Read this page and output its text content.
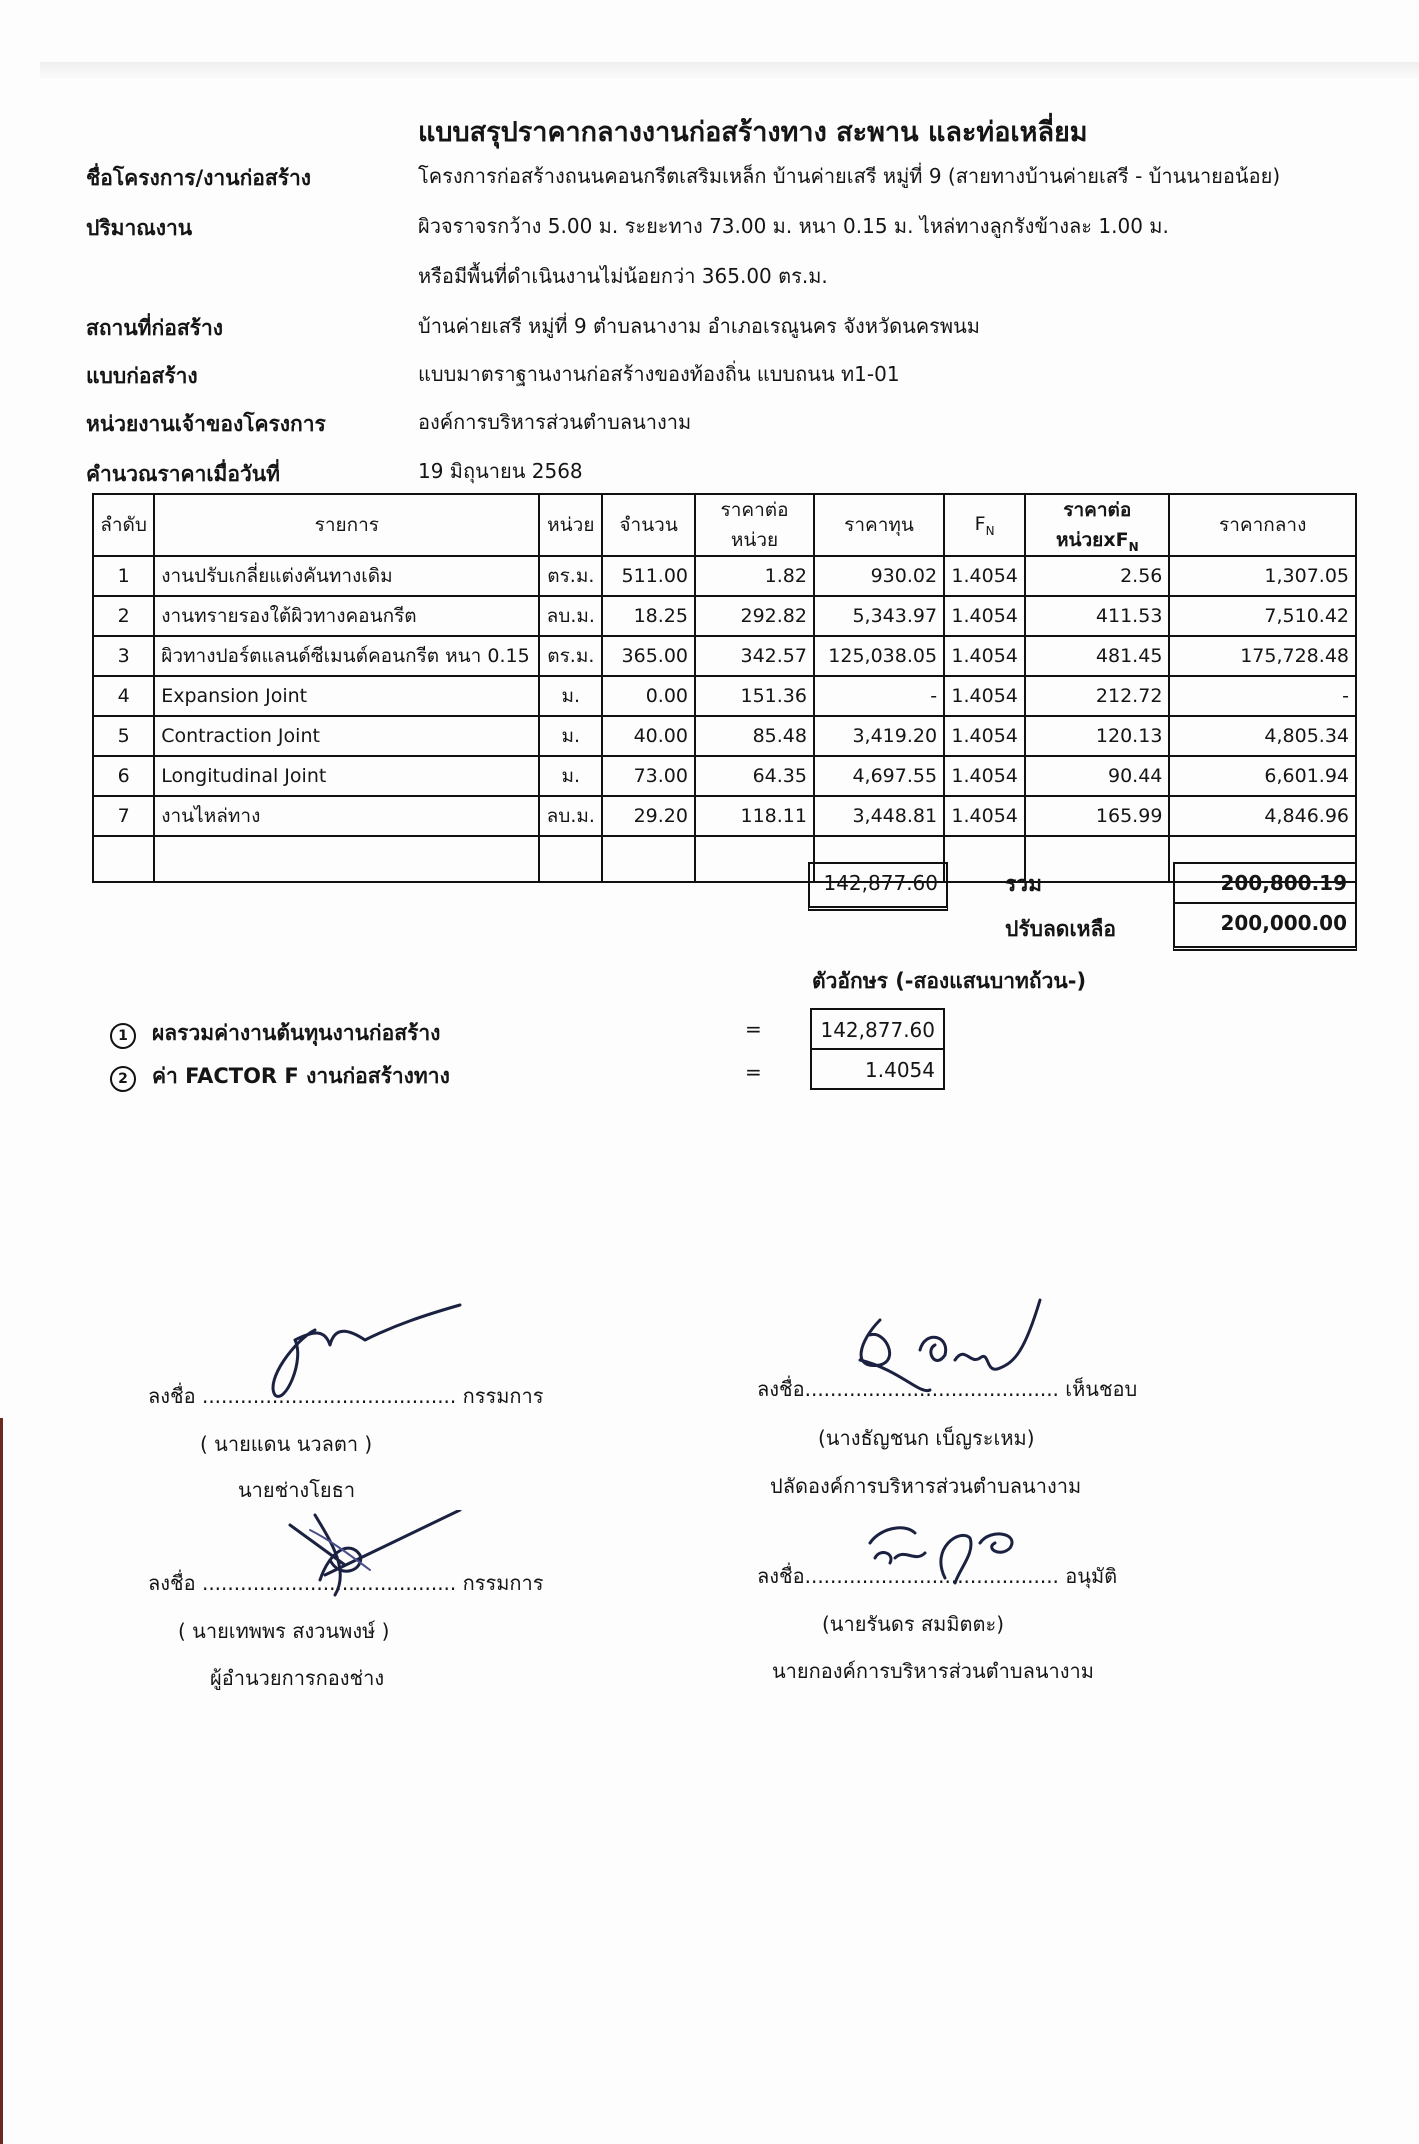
แบบสรุปราคากลางงานก่อสร้างทาง สะพาน และท่อเหลี่ยม
ชื่อโครงการ/งานก่อสร้าง	โครงการก่อสร้างถนนคอนกรีตเสริมเหล็ก บ้านค่ายเสรี หมู่ที่ 9 (สายทางบ้านค่ายเสรี - บ้านนายอน้อย)
ปริมาณงาน	ผิวจราจรกว้าง 5.00 ม. ระยะทาง 73.00 ม. หนา 0.15 ม. ไหล่ทางลูกรังข้างละ 1.00 ม.
หรือมีพื้นที่ดำเนินงานไม่น้อยกว่า 365.00 ตร.ม.
สถานที่ก่อสร้าง	บ้านค่ายเสรี หมู่ที่ 9 ตำบลนางาม อำเภอเรณูนคร จังหวัดนครพนม
แบบก่อสร้าง	แบบมาตราฐานงานก่อสร้างของท้องถิ่น แบบถนน ท1-01
หน่วยงานเจ้าของโครงการ	องค์การบริหารส่วนตำบลนางาม
คำนวณราคาเมื่อวันที่	19 มิถุนายน 2568
ลำดับ	รายการ	หน่วย	จำนวน	ราคาต่อหน่วย	ราคาทุน	$F_N$	ราคาต่อหน่วย$xF_N$	ราคากลาง
1	งานปรับเกลี่ยแต่งคันทางเดิม	ตร.ม.	511.00	1.82	930.02	1.4054	2.56	1,307.05
2	งานทรายรองใต้ผิวทางคอนกรีต	ลบ.ม.	18.25	292.82	5,343.97	1.4054	411.53	7,510.42
3	ผิวทางปอร์ตแลนด์ซีเมนต์คอนกรีต หนา 0.15	ตร.ม.	365.00	342.57	125,038.05	1.4054	481.45	175,728.48
4	Expansion Joint	ม.	0.00	151.36	-	1.4054	212.72	-
5	Contraction Joint	ม.	40.00	85.48	3,419.20	1.4054	120.13	4,805.34
6	Longitudinal Joint	ม.	73.00	64.35	4,697.55	1.4054	90.44	6,601.94
7	งานไหล่ทาง	ลบ.ม.	29.20	118.11	3,448.81	1.4054	165.99	4,846.96

142,877.60	รวม	200,800.19
ปรับลดเหลือ	200,000.00
ตัวอักษร (-สองแสนบาทถ้วน-)
1 ผลรวมค่างานต้นทุนงานก่อสร้าง	=	142,877.60
2 ค่า FACTOR F งานก่อสร้างทาง	=	1.4054
ลงชื่อ ........................................ กรรมการ
( นายแดน นวลตา )
นายช่างโยธา
ลงชื่อ ........................................ กรรมการ
( นายเทพพร สงวนพงษ์ )
ผู้อำนวยการกองช่าง
ลงชื่อ........................................ เห็นชอบ
(นางธัญชนก เบ็ญระเหม)
ปลัดองค์การบริหารส่วนตำบลนางาม
ลงชื่อ........................................ อนุมัติ
(นายรันดร สมมิตตะ)
นายกองค์การบริหารส่วนตำบลนางาม
